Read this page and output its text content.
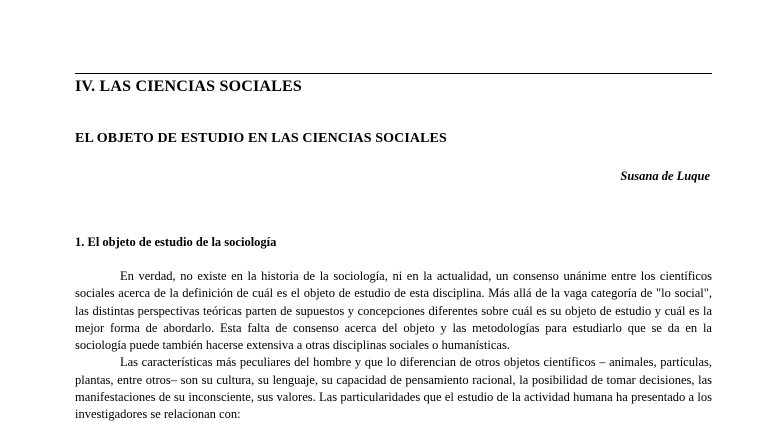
IV. LAS CIENCIAS SOCIALES
EL OBJETO DE ESTUDIO EN LAS CIENCIAS SOCIALES

Susana de Luque

1. El objeto de estudio de la sociología

En verdad, no existe en la historia de la sociología, ni en la actualidad, un consenso unánime entre los científicos sociales acerca de la definición de cuál es el objeto de estudio de esta disciplina. Más allá de la vaga categoría de "lo social", las distintas perspectivas teóricas parten de supuestos y concepciones diferentes sobre cuál es su objeto de estudio y cuál es la mejor forma de abordarlo. Esta falta de consenso acerca del objeto y las metodologías para estudiarlo que se da en la sociología puede también hacerse extensiva a otras disciplinas sociales o humanísticas.

Las características más peculiares del hombre y que lo diferencian de otros objetos científicos – animales, partículas, plantas, entre otros– son su cultura, su lenguaje, su capacidad de pensamiento racional, la posibilidad de tomar decisiones, las manifestaciones de su inconsciente, sus valores. Las particularidades que el estudio de la actividad humana ha presentado a los investigadores se relacionan con:
